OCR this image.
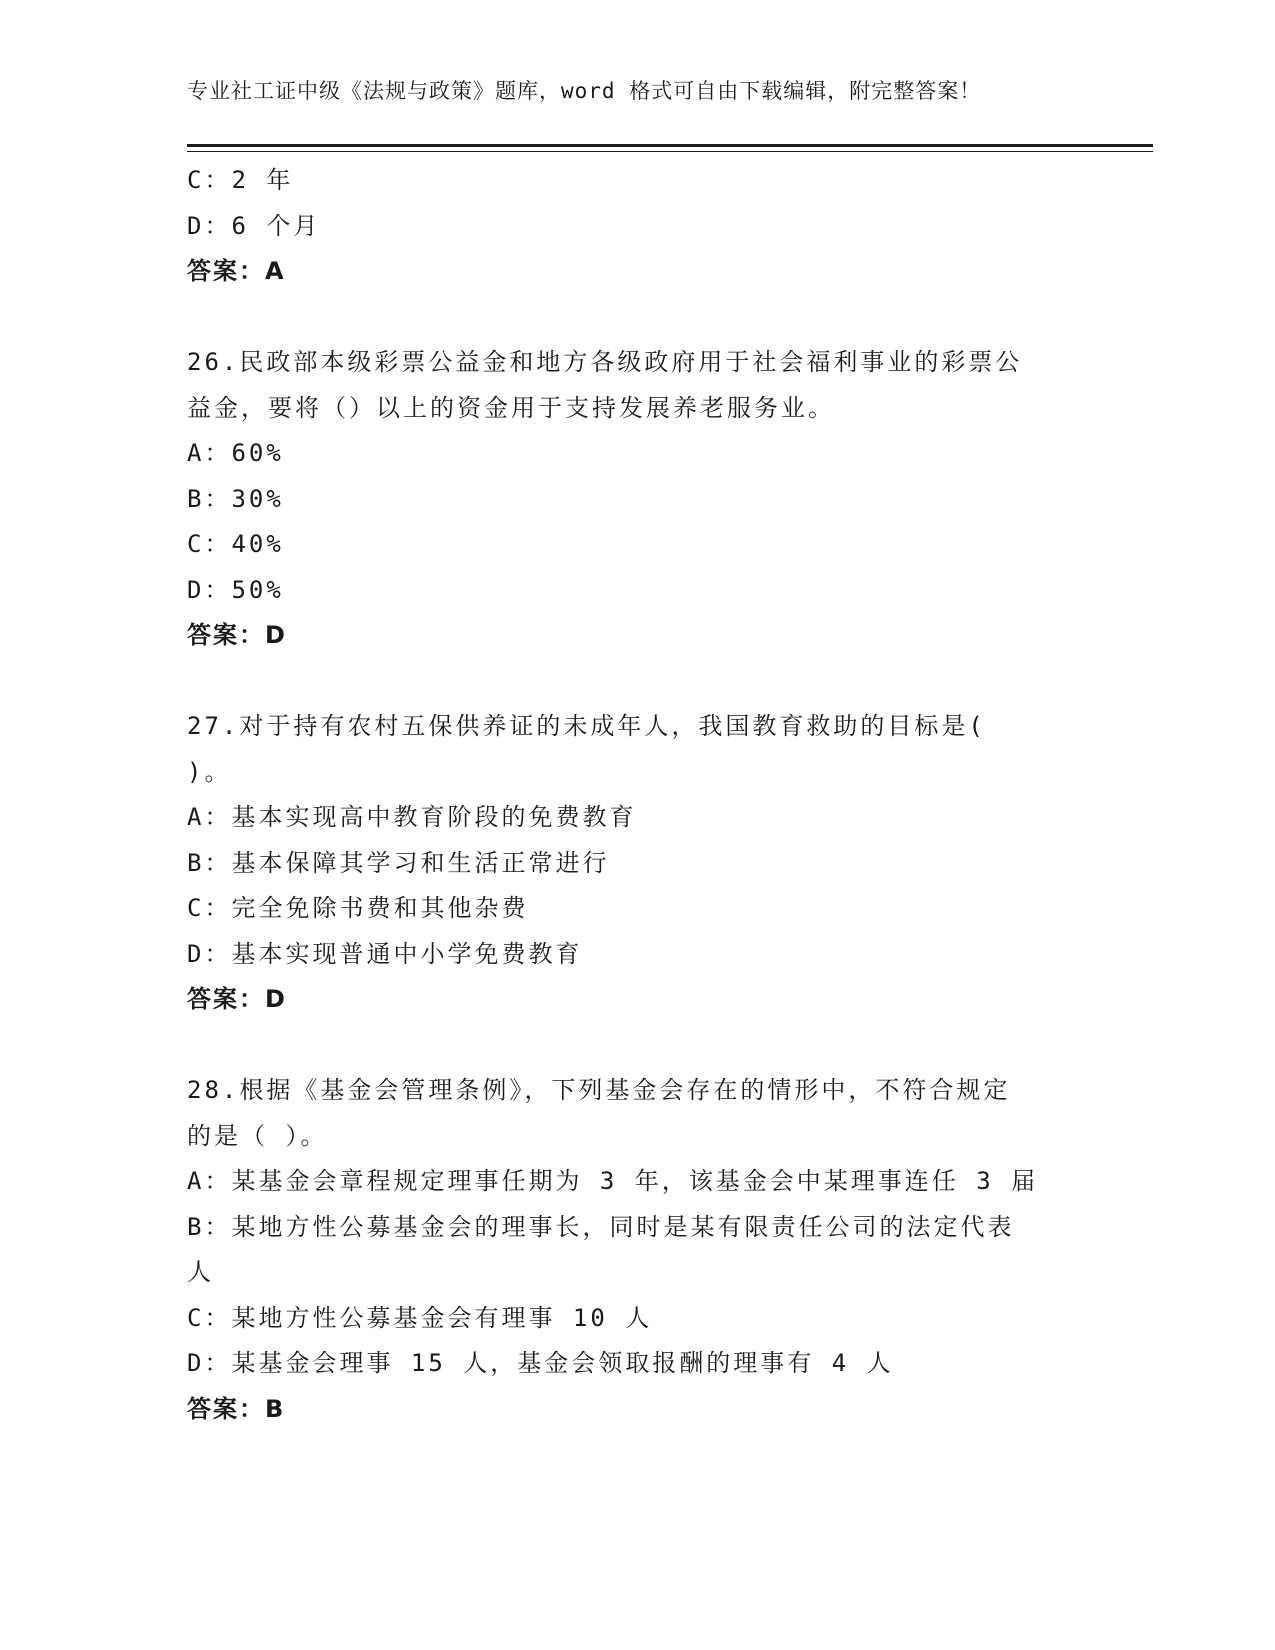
专业社工证中级《法规与政策》题库，word 格式可自由下载编辑，附完整答案！
C：2 年
D：6 个月
答案：A
26.民政部本级彩票公益金和地方各级政府用于社会福利事业的彩票公
益金，要将（）以上的资金用于支持发展养老服务业。
A：60%
B：30%
C：40%
D：50%
答案：D
27.对于持有农村五保供养证的未成年人，我国教育救助的目标是(
)。
A：基本实现高中教育阶段的免费教育
B：基本保障其学习和生活正常进行
C：完全免除书费和其他杂费
D：基本实现普通中小学免费教育
答案：D
28.根据《基金会管理条例》，下列基金会存在的情形中，不符合规定
的是（ ）。
A：某基金会章程规定理事任期为 3 年，该基金会中某理事连任 3 届
B：某地方性公募基金会的理事长，同时是某有限责任公司的法定代表
人
C：某地方性公募基金会有理事 10 人
D：某基金会理事 15 人，基金会领取报酬的理事有 4 人
答案：B
